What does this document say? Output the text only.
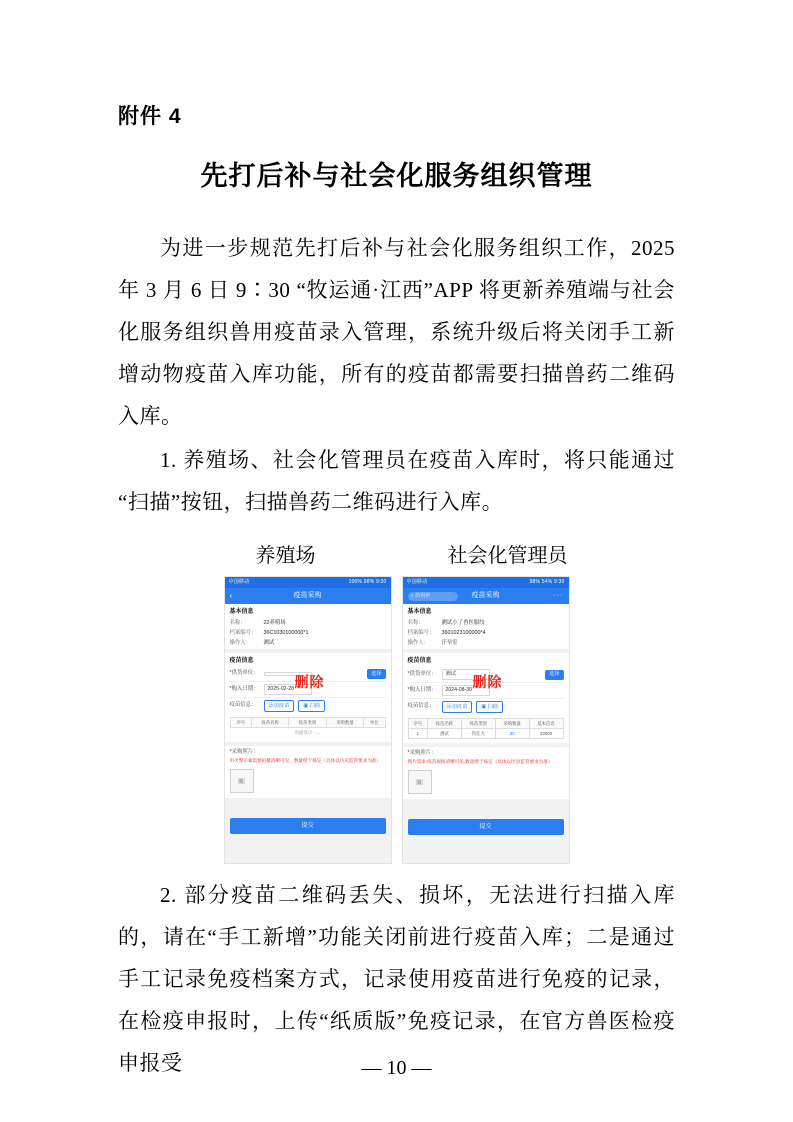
附件 4
先打后补与社会化服务组织管理

为进一步规范先打后补与社会化服务组织工作，2025 年 3 月 6 日 9∶30 “牧运通·江西”APP 将更新养殖端与社会化服务组织兽用疫苗录入管理，系统升级后将关闭手工新增动物疫苗入库功能，所有的疫苗都需要扫描兽药二维码入库。

1. 养殖场、社会化管理员在疫苗入库时，将只能通过“扫描”按钮，扫描兽药二维码进行入库。

养殖场	社会化管理员
中国移动	100% 98% 9:30
‹	疫苗采购
基本信息
名称：	22养殖场
档案编号：	36C1030100000*1
操作人：	测试
疫苗信息
删除
*供货单位：	选择
*购入日期：	2025-02-28
疫苗信息：	添加疫苗	▣ 扫描
序号	疫苗名称	疫苗类别	采购数量	单位
页面显示一...
*采购照片：
用火警示素需要拍摄清晰可见，数量壁于核定（具体以历史监管要求为准）
▣
提交
中国移动	98% 54% 9:30
⌕ 防用申	疫苗采购	···
基本信息
名称：	测试小了兽医服绞
档案编号：	3601023100000*4
操作人：	汗早室
疫苗信息
删除
*供货单位：	测试	选择
*购入日期：	2024-08-30
疫苗信息：	添加疫苗	▣ 扫描
序号	疫苗名称	疫苗类别	采购数量	基本信息
1	测试	伪狂犬	30	23000
*采购照片：
图片需求:疫苗规格清晰可见,数量壁于核定（具体以区县监管要求为准）
▣
提交

2. 部分疫苗二维码丢失、损坏，无法进行扫描入库的，请在“手工新增”功能关闭前进行疫苗入库；二是通过手工记录免疫档案方式，记录使用疫苗进行免疫的记录，在检疫申报时，上传“纸质版”免疫记录，在官方兽医检疫申报受	— 10 —
